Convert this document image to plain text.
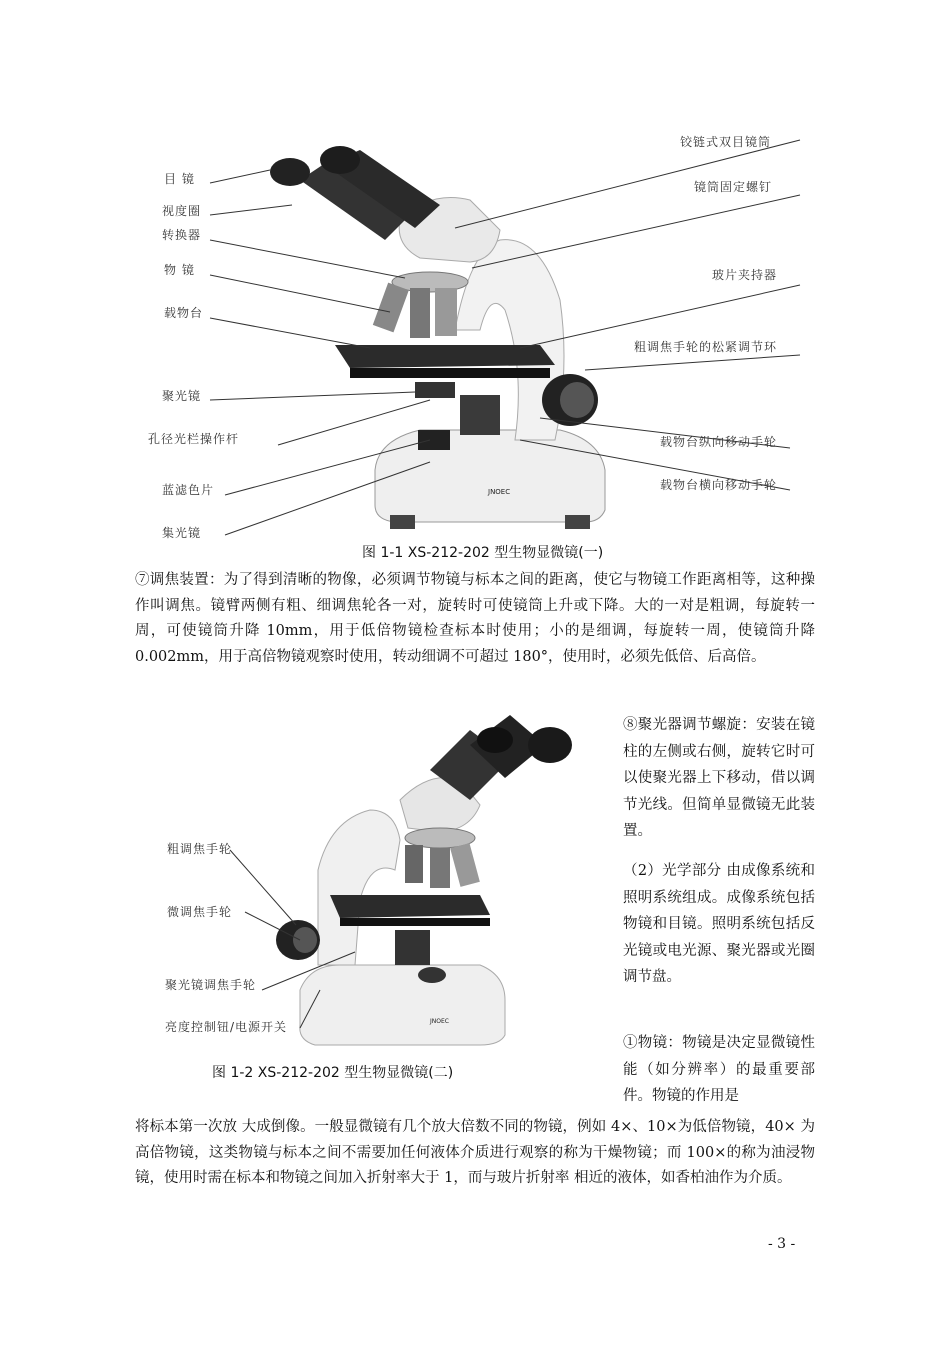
JNOEC
目 镜
视度圈
转换器
物 镜
载物台
聚光镜
孔径光栏操作杆
蓝滤色片
集光镜
铰链式双目镜筒
镜筒固定螺钉
玻片夹持器
粗调焦手轮的松紧调节环
载物台纵向移动手轮
载物台横向移动手轮
图 1-1 XS-212-202 型生物显微镜(一)
⑦调焦装置：为了得到清晰的物像，必须调节物镜与标本之间的距离，使它与物镜工作距离相等，这种操作叫调焦。镜臂两侧有粗、细调焦轮各一对，旋转时可使镜筒上升或下降。大的一对是粗调，每旋转一周，可使镜筒升降 10mm，用于低倍物镜检查标本时使用；小的是细调，每旋转一周，使镜筒升降 0.002mm，用于高倍物镜观察时使用，转动细调不可超过 180°，使用时，必须先低倍、后高倍。
JNOEC
粗调焦手轮
微调焦手轮
聚光镜调焦手轮
亮度控制钮/电源开关
图 1-2 XS-212-202 型生物显微镜(二)
⑧聚光器调节螺旋：安装在镜柱的左侧或右侧，旋转它时可以使聚光器上下移动，借以调节光线。但简单显微镜无此装置。
（2）光学部分 由成像系统和照明系统组成。成像系统包括物镜和目镜。照明系统包括反光镜或电光源、聚光器或光圈调节盘。
①物镜：物镜是决定显微镜性能（如分辨率）的最重要部件。物镜的作用是
将标本第一次放 大成倒像。一般显微镜有几个放大倍数不同的物镜，例如 4×、10×为低倍物镜，40× 为高倍物镜，这类物镜与标本之间不需要加任何液体介质进行观察的称为干燥物镜；而 100×的称为油浸物镜，使用时需在标本和物镜之间加入折射率大于 1，而与玻片折射率 相近的液体，如香柏油作为介质。
- 3 -
